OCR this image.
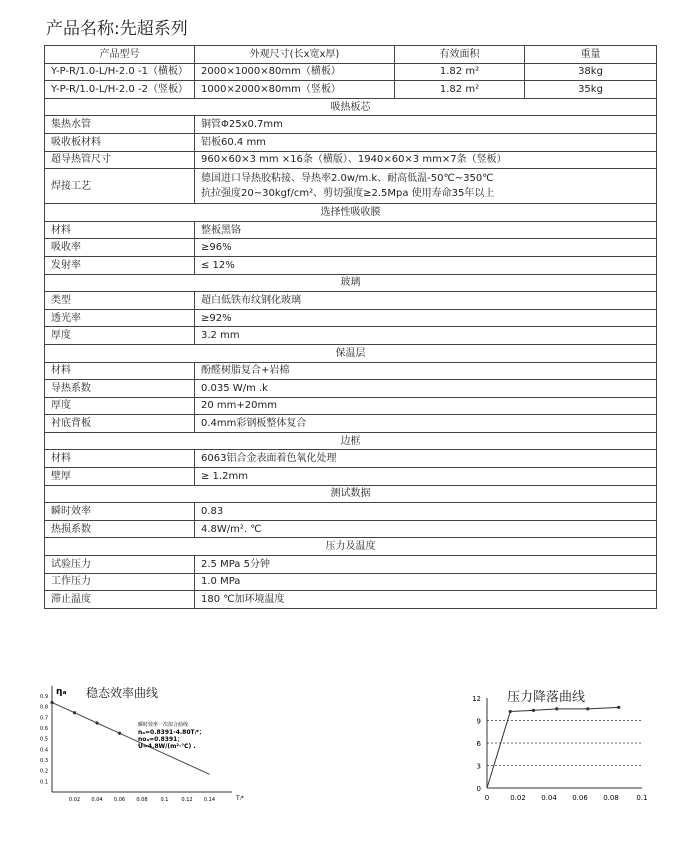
产品名称:先超系列
产品型号	外观尺寸(长x宽x厚)	有效面积	重量
Y-P-R/1.0-L/H-2.0 -1（横板）	2000×1000×80mm（横板）	1.82 m²	38kg
Y-P-R/1.0-L/H-2.0 -2（竖板）	1000×2000×80mm（竖板）	1.82 m²	35kg
吸热板芯			
集热水管	铜管Φ25x0.7mm		

吸收板材料	铝板60.4 mm		

超导热管尺寸	960×60×3 mm ×16条（横版）、1940×60×3 mm×7条（竖板）		

焊接工艺	德国进口导热胶粘接、导热率2.0w/m.k、耐高低温-50℃~350℃
抗拉强度20~30kgf/cm²、剪切强度≥2.5Mpa 使用寿命35年以上		

选择性吸收膜			
材料	整板黑铬		

吸收率	≥96%		

发射率	≤ 12%		

玻璃			
类型	超白低铁布纹钢化玻璃		

透光率	≥92%		

厚度	3.2 mm		

保温层			
材料	酚醛树脂复合+岩棉		

导热系数	0.035 W/m .k		

厚度	20 mm+20mm		

衬底背板	0.4mm彩钢板整体复合		

边框			
材料	6063铝合金表面着色氧化处理		

壁厚	≥ 1.2mm		

测试数据			
瞬时效率	0.83		

热损系数	4.8W/m². ℃		

压力及温度			
试验压力	2.5 MPa 5分钟		

工作压力	1.0 MPa		

滞止温度	180 ℃加环境温度		
0.1
0.2
0.3
0.4
0.5
0.6
0.7
0.8
0.9
0.02 0.04 0.06 0.08	0.1	0.12 0.14
ηₐ
Tᵢ*
瞬时效率一次拟合曲线
nₐ=0.8391-4.80Tᵢ*；
noₐ=0.8391；
U=4.8W/(m²·℃) .
稳态效率曲线
0
3
6
9
12
0	0.02 0.04 0.06 0.08	0.1
压力降落曲线
